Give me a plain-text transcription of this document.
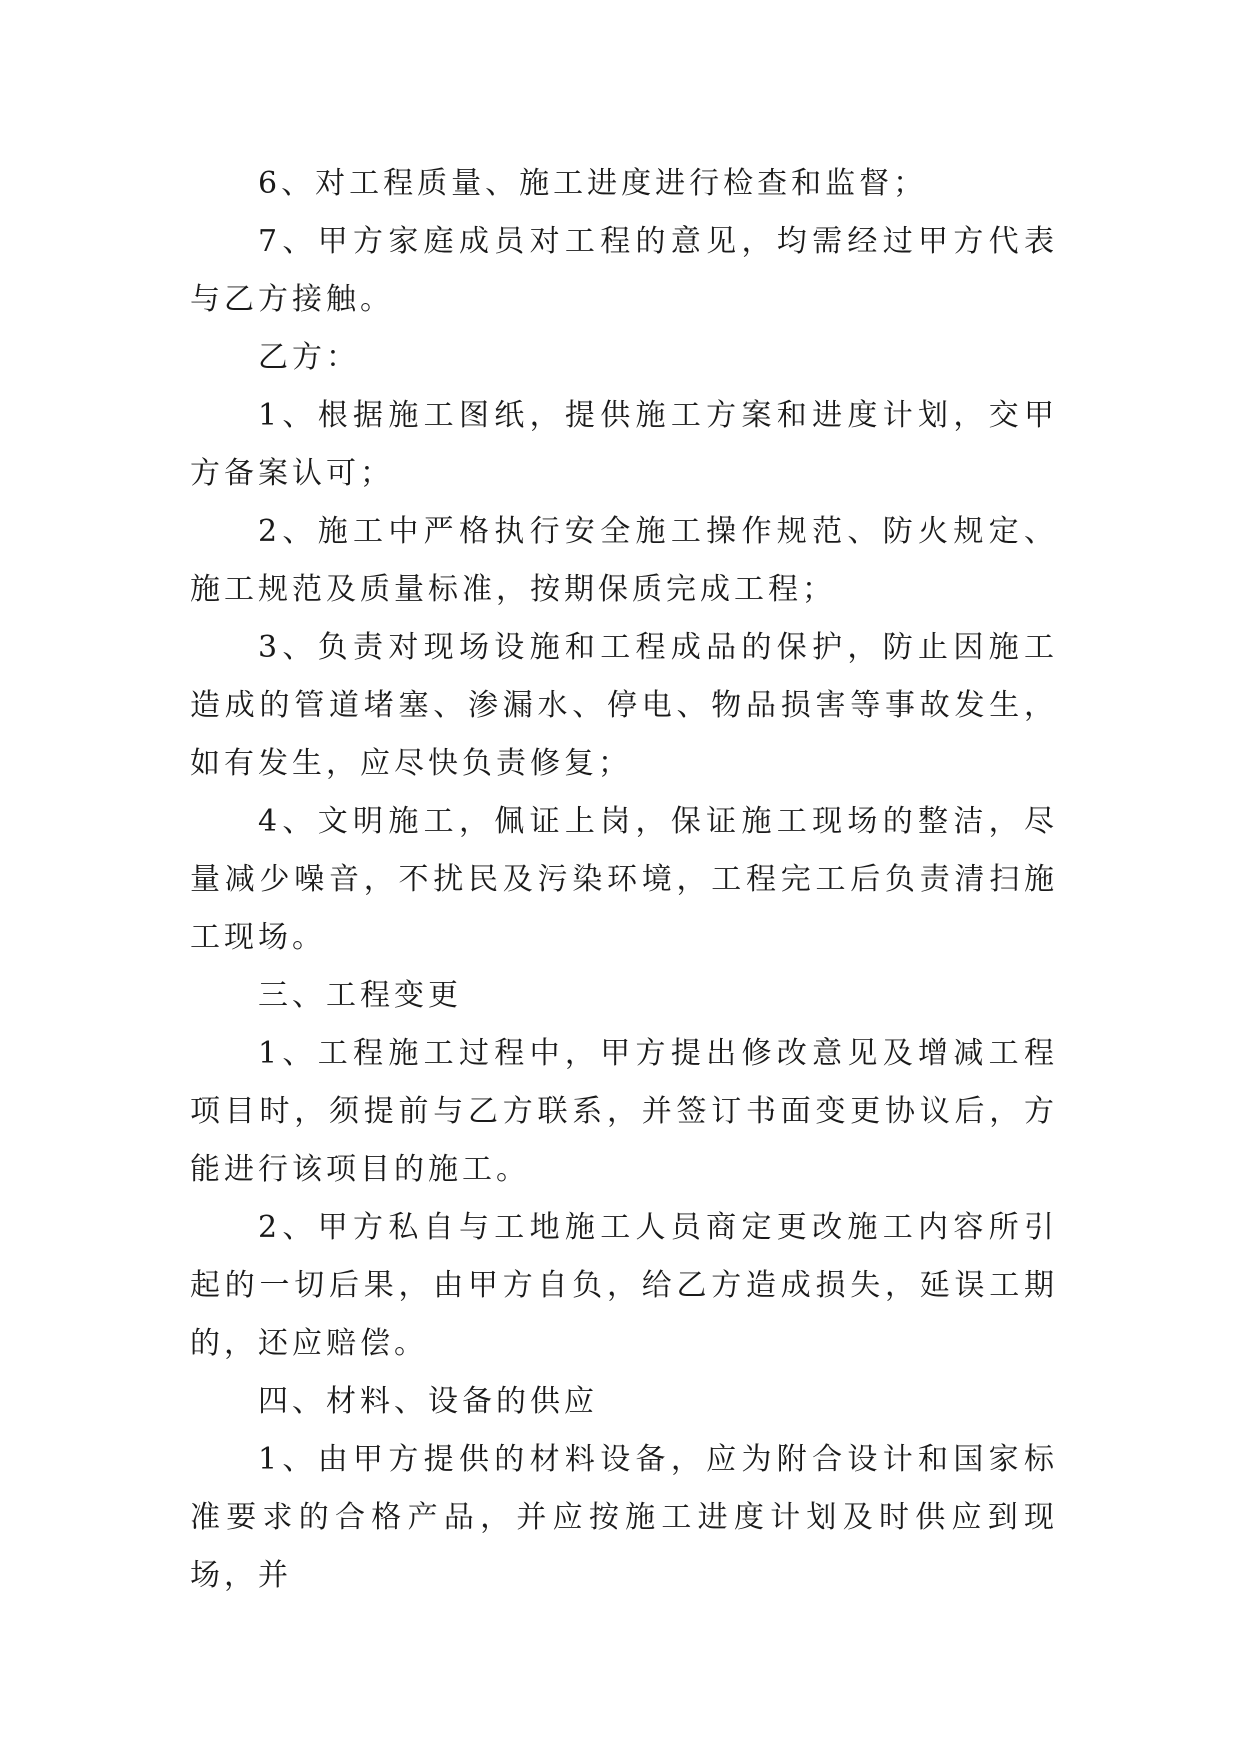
6、对工程质量、施工进度进行检查和监督；

7、甲方家庭成员对工程的意见，均需经过甲方代表与乙方接触。

乙方：

1、根据施工图纸，提供施工方案和进度计划，交甲方备案认可；

2、施工中严格执行安全施工操作规范、防火规定、施工规范及质量标准，按期保质完成工程；

3、负责对现场设施和工程成品的保护，防止因施工造成的管道堵塞、渗漏水、停电、物品损害等事故发生，如有发生，应尽快负责修复；

4、文明施工，佩证上岗，保证施工现场的整洁，尽量减少噪音，不扰民及污染环境，工程完工后负责清扫施工现场。

三、工程变更

1、工程施工过程中，甲方提出修改意见及增减工程项目时，须提前与乙方联系，并签订书面变更协议后，方能进行该项目的施工。

2、甲方私自与工地施工人员商定更改施工内容所引起的一切后果，由甲方自负，给乙方造成损失，延误工期的，还应赔偿。

四、材料、设备的供应

1、由甲方提供的材料设备，应为附合设计和国家标准要求的合格产品，并应按施工进度计划及时供应到现场，并
